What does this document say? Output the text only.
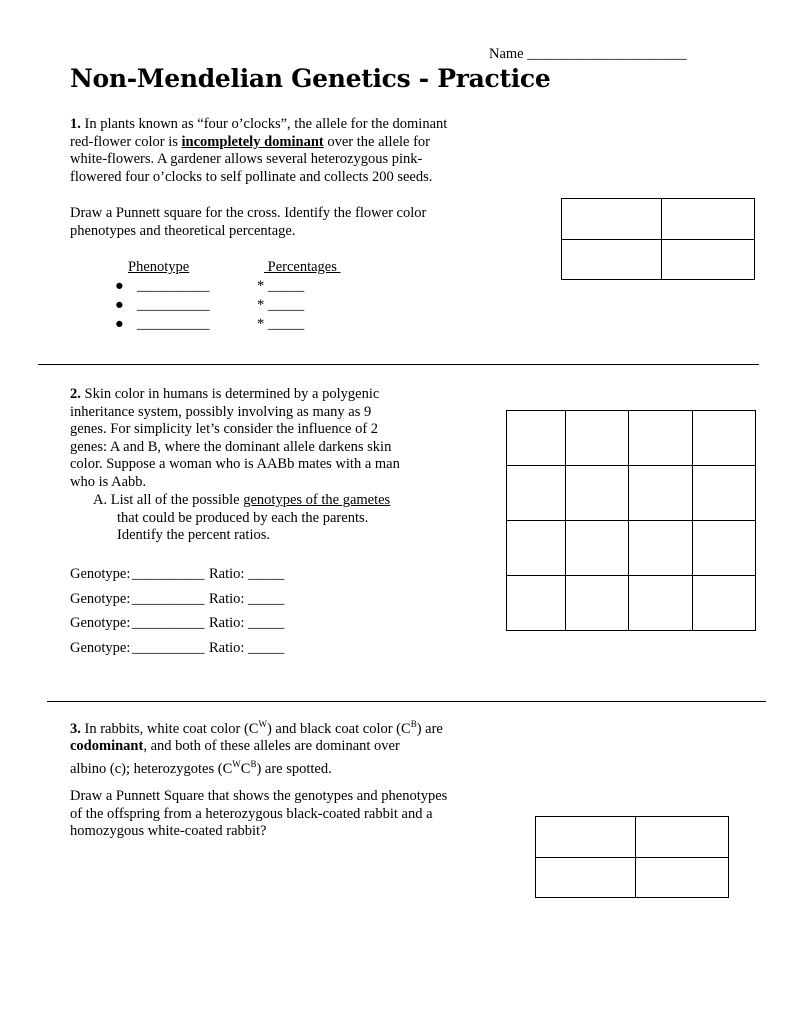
Name ______________________
Non-Mendelian Genetics - Practice
1. In plants known as “four o’clocks”, the allele for the dominant
red-flower color is incompletely dominant over the allele for
white-flowers. A gardener allows several heterozygous pink-
flowered four o’clocks to self pollinate and collects 200 seeds.
Draw a Punnett square for the cross. Identify the flower color
phenotypes and theoretical percentage.
Phenotype	Percentages
● __________	* _____
● __________	* _____
● __________	* _____

2. Skin color in humans is determined by a polygenic
inheritance system, possibly involving as many as 9
genes. For simplicity let’s consider the influence of 2
genes: A and B, where the dominant allele darkens skin
color. Suppose a woman who is AABb mates with a man
who is Aabb.
A. List all of the possible genotypes of the gametes
that could be produced by each the parents.
Identify the percent ratios.
Genotype: __________ Ratio: _____
Genotype: __________ Ratio: _____
Genotype: __________ Ratio: _____
Genotype: __________ Ratio: _____

3. In rabbits, white coat color $(C^W)$ and black coat color $(C^B)$ are
codominant, and both of these alleles are dominant over
albino (c); heterozygotes $(C^WC^B)$ are spotted.
Draw a Punnett Square that shows the genotypes and phenotypes
of the offspring from a heterozygous black-coated rabbit and a
homozygous white-coated rabbit?
